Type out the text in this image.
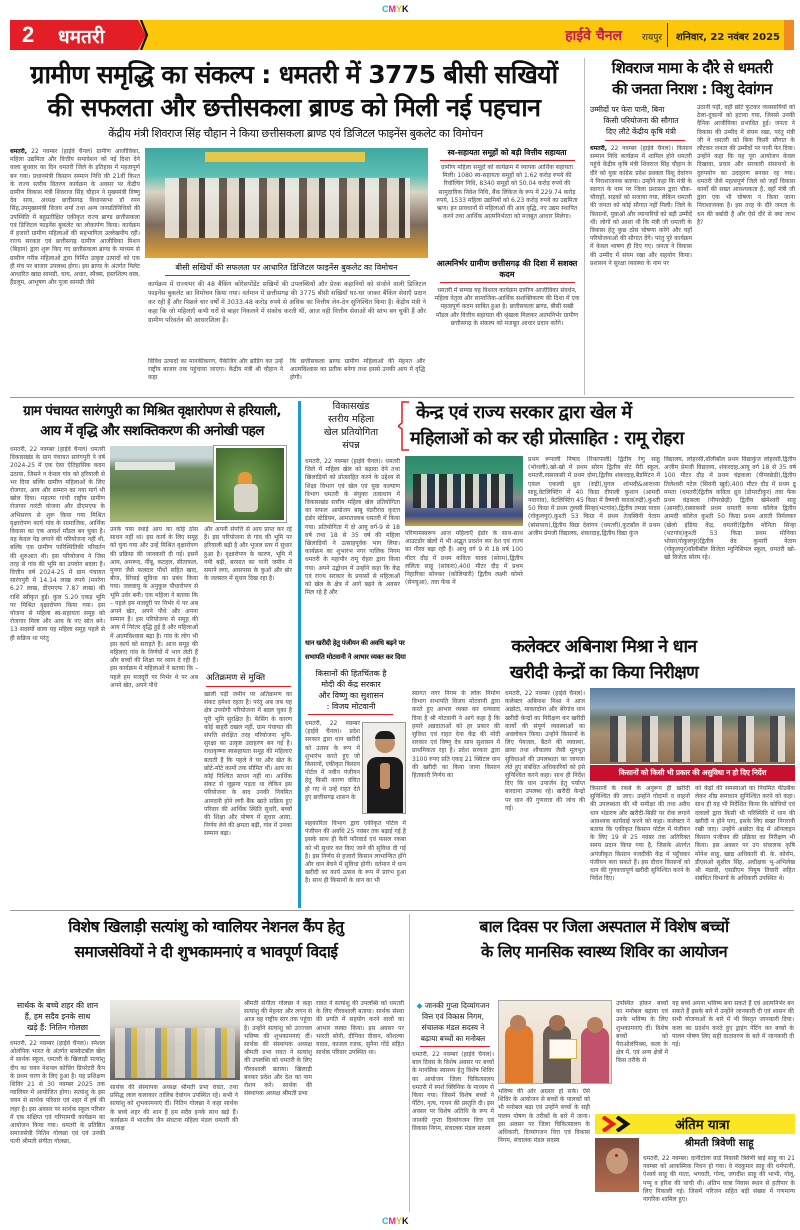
CMYK
2 धमतरी	हाईवे चैनल रायपुर शनिवार, 22 नवंबर 2025
ग्रामीण समृद्धि का संकल्प : धमतरी में 3775 बीसी सखियों
की सफलता और छत्तीसकला ब्राण्ड को मिली नई पहचान
केंद्रीय मंत्री शिवराज सिंह चौहान ने किया छत्तीसकला ब्राण्ड एवं डिजिटल फाइनेंस बुकलेट का विमोचन
धमतरी, 22 नवम्बर (हाईवे चैनल) ग्रामीण आजीविका, महिला उद्यमिता और वित्तीय समावेशन को नई दिशा देने वाला बुधवार का दिन धमतरी जिले के इतिहास में महत्वपूर्ण बन गया। प्रधानमंत्री किसान सम्मान निधि की 21वीं किश्त के राज्य स्तरीय वितरण कार्यक्रम के अवसर पर केंद्रीय ग्रामीण विकास मंत्री शिवराज सिंह चौहान ने मुख्यमंत्री विष्णु देव साय, अध्यक्ष छत्तीसगढ़ विधानसभा डॉ रमन सिंह,उपमुख्यमंत्री विजय शर्मा तथा अन्य जनप्रतिनिधियों की उपस्थिति में बहुप्रतीक्षित एकीकृत राज्य ब्राण्ड छत्तीसकला एवं डिजिटल फाइनेंस बुकलेट का लोकार्पण किया। कार्यक्रम में हजारों ग्रामीण महिलाओं की सहभागिता उल्लेखनीय रही। राज्य सरकार एवं छत्तीसगढ़ ग्रामीण आजीविका मिशन (बिहान) द्वारा शुरू किए गए छत्तीसकला ब्राण्ड के माध्यम से ग्रामीण गरीब महिलाओं द्वारा निर्मित उत्कृष्ट उत्पादों को एक ही मंच पर बाजार उपलब्ध होगा। इस ब्राण्ड के अंतर्गत मिलेट आधारित खाद्य सामग्री, चाय, अचार, स्नैक्स, हस्तशिल्प वस्त्र, हैंडलूम, आभूषण और पूजा सामग्री जैसे
बीसी सखियों की सफलता पर आधारित डिजिटल फाइनेंस बुकलेट का विमोचन
कार्यक्रम में राज्यभर की 48 बैंकिंग कोरेसपोंडेंट सखियों की उपलब्धियों और प्रेरक कहानियों को संजोने वाली डिजिटल फाइनेंस बुकलेट का विमोचन किया गया। वर्तमान में छत्तीसगढ़ की 3775 बीसी सखियाँ घर-घर जाकर बैंकिंग सेवाएँ प्रदान कर रही हैं और पिछले चार वर्षों में 3033.48 करोड़ रुपये से अधिक का वित्तीय लेन-देन सुनिश्चित किया है। केंद्रीय मंत्री ने कहा कि जो महिलाएँ कभी घरों से बाहर निकलने में संकोच करती थीं, आज वही वित्तीय सेवाओं की स्तंभ बन चुकी हैं और ग्रामीण परिवर्तन की आधारशिला हैं।
विविध उत्पादों का मानकीकरण, पैकेजिंग और ब्रांडिंग कर उन्हें राष्ट्रीय बाजार तक पहुंचाया जाएगा। केंद्रीय मंत्री श्री चौहान ने कहा
कि छत्तीसकला ब्राण्ड ग्रामीण महिलाओं की मेहनत और आत्मविश्वास का प्रतीक बनेगा तथा इससे उनकी आय में वृद्धि होगी।
स्व-सहायता समूहों को बड़ी वित्तीय सहायता
ग्रामीण महिला समूहों को कार्यक्रम में व्यापक आर्थिक सहायता मिली। 1080 स्व-सहायता समूहों को 1.62 करोड़ रुपये की रिवॉल्विंग निधि, 8340 समूहों को 50.04 करोड़ रुपये की सामुदायिक निवेश निधि, बैंक लिंकेज के रूप में 229.74 करोड़ रुपये, 1533 महिला उद्यमियों को 6.23 करोड़ रुपये का उद्यमिता ऋण। इन प्रावधानों से महिलाओं की आय वृद्धि, नए उद्यम स्थापित करने तथा आर्थिक आत्मनिर्भरता को मजबूत आधार मिलेगा।
आत्मनिर्भर ग्रामीण छत्तीसगढ़ की दिशा में सशक्त कदम
धमतरी में सम्पन्न यह विशाल कार्यक्रम ग्रामीण आजीविका संवर्धन, महिला नेतृत्व और सामाजिक-आर्थिक सशक्तिकरण की दिशा में एक महत्वपूर्ण कदम साबित हुआ है। छत्तीसकला ब्राण्ड, बीसी सखी मॉडल और वित्तीय सहायता की श्रृंखला मिलकर आत्मनिर्भर ग्रामीण छत्तीसगढ़ के संकल्प को मजबूत आधार प्रदान करेंगे।
शिवराज मामा के दौरे से धमतरी
की जनता निराश : विशु देवांगन
उम्मीदों पर फेरा पानी, बिना
किसी परियोजना की सौगात
दिए लौटे केंद्रीय कृषि मंत्री
धमतरी, 22 नवम्बर (हाईवे चैनल)। किसान सम्मान निधि कार्यक्रम में शामिल होने धमतरी पहुंचे केंद्रीय कृषि मंत्री शिवराज सिंह चौहान के दौरे को युवा कांग्रेस प्रदेश प्रवक्ता विशु देवांगन ने निराशाजनक बताया। उन्होंने कहा कि मंत्री के स्वागत के नाम पर जिला प्रशासन द्वारा चौक-चौराहों, सड़कों को सजाया गया, लेकिन धमतरी की जनता को कोई सौगात नहीं मिली। जिले के किसानों, युवाओं और व्यापारियों को बड़ी उम्मीदें थीं। लोगों को आशा थी कि मंत्री जी धमतरी के विकास हेतु कुछ ठोस घोषणा करेंगे और यहाँ परियोजनाओं की सौगात देंगे। परंतु पूरे कार्यक्रम में केवल भाषण ही दिए गए। जनता ने विकास की उम्मीद में संयम रखा और सहयोग किया। प्रशासन ने सुरक्षा व्यवस्था के नाम पर
उठानी पड़ी, वहीं छोटे फुटकर व्यवसायियों को ठेला-दुकानों को हटाया गया, जिससे उनकी दैनिक आजीविका प्रभावित हुई। जनता ने विकास की उम्मीद में संयम रखा, परंतु मंत्री जी ने धमतरी को बिना किसी सौगात के लौटकर जनता की उम्मीदों पर पानी फेर दिया। उन्होंने कहा कि यह पूरा आयोजन केवल दिखावा, प्रचार और सरकारी संसाधनों के दुरुपयोग का उदाहरण बनकर रह गया। धमतरी जैसे महत्वपूर्ण जिले को जहाँ विकास कार्यों की सख्त आवश्यकता है, वहाँ मंत्री जी द्वारा एक भी घोषणा न किया जाना निराशाजनक है। इस तरह के दौरे जनता के धन की बर्बादी हैं और ऐसे दौरे से क्या लाभ है?
ग्राम पंचायत सारंगपुरी का मिश्रित वृक्षारोपण से हरियाली,
आय में वृद्धि और सशक्तिकरण की अनोखी पहल
धमतरी, 22 नवम्बर (हाईवे चैनल) धमतरी विकासखंड के ग्राम पंचायत सारंगपुरी ने वर्ष 2024-25 में एक ऐसा ऐतिहासिक कदम उठाया, जिसने न केवल गांव को हरियाली से भर दिया बल्कि ग्रामीण महिलाओं के लिए रोजगार, आय और सम्मान का नया मार्ग भी खोल दिया। महात्मा गांधी राष्ट्रीय ग्रामीण रोजगार गारंटी योजना और डीएमएफ के अभिसरण से शुरू किया गया मिश्रित वृक्षारोपण कार्य गांव के सामाजिक, आर्थिक विकास का एक आदर्श मॉडल बन चुका है। यह केवल पेड़ लगाने की परियोजना नहीं थी, बल्कि एक ग्रामीण पारिस्थितिकी परिवर्तन की शुरुआत थी। इस परियोजना ने जिस तरह से गांव की भूमि का उपयोग बदला है। वित्तीय वर्ष 2024-25 में ग्राम पंचायत सारंगपुरी में 14.14 लाख रुपये (मनरेगा 6.27 लाख, डीएमएफ 7.87 लाख) की राशि स्वीकृत हुई। कुल 5.20 एकड़ भूमि पर मिश्रित वृक्षारोपण किया गया। इस योजना से महिला स्व-सहायता समूह को रोजगार मिला और आय के नए स्रोत बने। 13 सदस्यों वाला यह महिला समूह पहले से ही सक्रिय था परंतु
उनके पास स्थाई आय का कोई ठोस साधन नहीं था। इस कार्य के लिए समूह को चुना गया और उन्हें मिश्रित वृक्षारोपण की प्रक्रिया की जानकारी दी गई। इसमें आम, अमरूद, नींबू, कटहल, सीताफल, मुनगा जैसे फलदार पौधों सहित खाद, बीज, सिंचाई सुविधा का प्रबंध किया गया। जलवायु के अनुकूल पौधारोपण से भूमि उर्वर बनी। एक महिला ने बताया कि – पहले हम मजदूरी पर निर्भर थे पर अब अपने खेत, अपने पौधे और अपना सम्मान है। इस परियोजना से समूह की आय में निरंतर वृद्धि हुई है और महिलाओं में आत्मविश्वास बढ़ा है। गांव के लोग भी इस कार्य को सराहते हैं। आज समूह की महिलाएं गांव के निर्णयों में भाग लेती हैं और बच्चों की शिक्षा पर ध्यान दे रही हैं। इस कार्यक्रम में महिलाओं ने बताया कि – पहले हम मजदूरी पर निर्भर थे पर अब अपने खेत, अपने पौधे
और अपनी संपत्ति से आय प्राप्त कर रहे हैं। इस परियोजना से गांव की भूमि पर हरियाली बढ़ी है और भूजल स्तर में सुधार हुआ है। वृक्षारोपण के कारण, भूमि में नमी बढ़ी, बरसात का पानी जमीन में समाने लगा, आसपास के कुओं और बोर के जलस्तर में सुधार दिख रहा है।
अतिक्रमण से मुक्ति
खाली पड़ी जमीन पर अतिक्रमण का संकट हमेशा रहता है। परंतु अब जब यह क्षेत्र उपयोगी परियोजना में बदल चुका है पूरी भूमि सुरक्षित है। फेंसिंग के कारण कोई बाहरी दखल नहीं, ग्राम पंचायत की संपत्ति संरक्षित तरह परियोजना भूमि-सुरक्षा का उत्कृष्ट उदाहरण बन गई है। राधाकृष्णा स्वसहायता समूह की महिलाएं बताती हैं कि पहले वे घर और खेत के छोटे-मोटे कामों तक सीमित थीं। आय का कोई निश्चित साधन नहीं था। आर्थिक संकट से जूझना पड़ता था लेकिन इस परियोजना के बाद उनकी नियमित आमदनी होने लगी बैंक खाते सक्रिय हुए परिवार की आर्थिक स्थिति सुधरी, बच्चों की शिक्षा और पोषण में सुधार आया, निर्णय लेने की क्षमता बढ़ी, गांव में उनका सम्मान बढ़ा।
विकासखंड
स्तरीय महिला
खेल प्रतियोगिता
संपन्न
केन्द्र एवं राज्य सरकार द्वारा खेल में
महिलाओं को कर रही प्रोत्साहित : रामू रोहरा
धमतरी, 22 नवम्बर (हाईवे चैनल)। धमतरी जिले में महिला खेल को बढ़ावा देने तथा खिलाड़ियों को प्रोत्साहित करने के उद्देश्य से शिक्षा विभाग एवं खेल एवं युवा कल्याण विभाग धमतरी के संयुक्त तत्वाधान में विकासखंड स्तरीय महिला खेल प्रतियोगिता का सफल आयोजन बाबू पंडरीराव कृदत्त इंडोर स्टेडियम, आमातालाब धमतरी में किया गया। प्रतियोगिता में दो आयु वर्ग-9 से 18 वर्ष तथा 18 से 35 वर्ष की महिला खिलाड़ियों ने उत्साहपूर्वक भाग लिया। कार्यक्रम का शुभारंभ नगर पालिक निगम धमतरी के महापौर रामू रोहरा द्वारा किया गया। अपने उद्बोधन में उन्होंने कहा कि केंद्र एवं राज्य सरकार के प्रयासों से महिलाओं को खेल के क्षेत्र में आगे बढ़ने के अवसर मिल रहे हैं और
परिणामस्वरूप आज महिलाएँ इंडोर के साथ-साथ आउटडोर खेलों में भी अद्भुत प्रदर्शन कर देश एवं राज्य का गौरव बढ़ा रही हैं। आयु वर्ग 9 से 18 वर्ष 100 मीटर दौड़ में प्रथम कविता यादव (सोरम),द्वितीय ललिता साहू (सांकरा),400 मीटर दौड़ में प्रथम निहारिका सोनकर (कोलियारी) द्वितीय लक्ष्मी कोमरे (सेनचुआ), तवा फेंक में
प्रथम रूपाली निषाद (रिकापाली) द्वितीय रेणु साहू (भोथली),खो-खो में प्रथम सोरम द्वितीय सेंट मैरी स्कूल, धमतरी,रस्साकसी में प्रथम दोमा,द्वितीय शंकरदाह,बैडमिंटन में एकल एकल्वी ध्रुव (रुद्री),युगल शांभवी&आराध्या साहू,वेटलिफ्टिंग में 40 किग्रा दीपाली कुशान (आमदी नवागांव), वेटलिफ्टिंग 45 किग्रा में वैष्णवी यादव(रुद्री),कुश्ती 50 किग्रा में प्रथम तुलसी सिन्हा(भटगांव),द्वितीय तमन्ना यादव (गोकुलपुर),कुश्ती 53 किग्रा में प्रथम तेजस्विनी नेताम (बांसपारा),द्वितीय विद्या देवांगन (धमतरी),फुटबॉल में प्रथम अजीम प्रेमजी विद्यालय, शंकरदाह,द्वितीय विद्या कुंज
विद्यालय, लोहरसी,वॉलीबॉल प्रथम विद्याकुंज लोहरसी,द्वितीय अजीम प्रेमजी विद्यालय, शंकरदाह,आयु वर्ग 18 से 35 वर्ष 100 मीटर दौड़ में प्रथम चंद्रकला (पीपरछेड़ी),द्वितीय तिलेश्वरी पटेल (सिवनी खुर्द),400 मीटर दौड़ में प्रथम द्रू ममता (धमतरी)द्वितीय कविता ध्रुव (डोमरटीकुर) तवा फेंक प्रथम चंद्रकला (पीपरछेड़ी) द्वितीय खेमेश्वरी साहू (आमदी),रस्साकसी प्रथम धमतरी कन्या कॉलेज द्वितीय आमदी कॉलेज कुश्ती 50 किग्रा प्रथम आरती निर्मलकर (खेलो इंडिया केंद्र, धमतरी)द्वितीय मोनिता सिन्हा (भटगांव)कुश्ती 53 किग्रा प्रथम मोनिका भोयर(गोकुलपुर)द्वितीय वेद कुमारी नेताम (गोकुलपुर)वॉलीबॉल विजेता म्युनिसिपल स्कूल, धमतरी खो-खो विजेता सोरम रहे।
धान खरीदी हेतु पंजीयन की अवधि बढ़ने पर
सभापति मोटवानी ने आभार व्यक्त कर दिया
किसानों की हितचिंतक है
मोदी की केंद्र सरकार
और विष्णु का सुशासन
: विजय मोटवानी
धमतरी, 22 नवम्बर (हाईवे चैनल)। प्रदेश सरकार द्वारा धान खरीदी को उत्सव के रूप में शुभारंभ करते हुए जो किसानों, एकीकृत किसान पोर्टल में नवीन पंजीयन हेतु किसी कारण वंचित हो गए थे उन्हें राहत देते हुए छत्तीसगढ़ शासन के
सहकारिता विभाग द्वारा एकीकृत पोर्टल में पंजीयन की अवधि 25 नवंबर तक बढ़ाई गई है इसके साथ ही कैरी फॉरवार्ड एवं फसल रकबा को भी सुधार कर किए जाने की सुविधा दी गई है। इस निर्णय से हजारों किसान लाभान्वित होंगे और धान बेचने में सुविधा होगी। वर्तमान में धान खरीदी का कार्य उत्सव के रूप में प्रारंभ हुआ है। साथ ही किसानों के धान का भी
कलेक्टर अबिनाश मिश्रा ने धान
खरीदी केन्द्रों का किया निरीक्षण
स्वागत नगर निगम के लोक निर्माण विभाग सभापति विजय मोटवानी द्वारा करते हुए आभार व्यक्त कर धन्यवाद दिया है श्री मोटवानी ने आगे कहा है कि हमारे अन्नदाताओं को हर प्रकार की सुविधा एवं राहत देना केंद्र की मोदी सरकार एवं विष्णु देव साय सुशासन में प्राथमिकता रहा है। प्रदेश सरकार द्वारा 3100 रुपए प्रति एकड़ 21 क्विंटल धान की खरीदी का किया जाना किसान हितकारी निर्णय का
धमतरी, 22 नवम्बर (हाईवे चैनल)। कलेक्टर अबिनाश मिश्रा ने आज अछोटा, माकरदोना और बेरेगांव धान खरीदी केन्द्रों का निरीक्षण कर खरीदी कार्यों की संपूर्ण व्यवस्थाओं का अवलोकन किया। उन्होंने किसानों के लिए पेयजल, बैठने की व्यवस्था, छाया तथा शौचालय जैसी मूलभूत सुविधाओं की उपलब्धता का जायजा लेते हुए संबंधित अधिकारियों को इसे सुनिश्चित करने कहा। साथ ही निर्देश दिए कि धान उपार्जन हेतु पर्याप्त बारदाना उपलब्ध रहे। खरीदी केन्द्रों पर धान की गुणवत्ता की जांच की गई।
किसानों को किसी भी प्रकार की असुविधा न हो दिए निर्देश
किसानों के रकबे के अनुरूप ही खरीदी सुनिश्चित की जाए। उन्होंने गोदामों व वाहनों की उपलब्धता की भी समीक्षा की तथा अवैध धान भंडारण और खरीदी-बिक्री पर रोक लगाने आवश्यक कार्यवाई करने को कहा। कलेक्टर ने बताया कि एकीकृत किसान पोर्टल में पंजीयन के लिए 19 से 25 नवंबर तक अतिरिक्त समय प्रदान किया गया है, जिसके अंतर्गत अपंजीकृत किसान नजदीकी केंद्र में पहुँचकर पंजीयन करा सकते हैं। इस दौरान किसानों को धान की गुणवत्तापूर्ण खरीदी सुनिश्चित करने के निर्देश दिए।
को केंद्रों की समस्याओं का नियमित फीडबैक लेकर शीघ्र समाधान सुनिश्चित करने को कहा। साथ ही यह भी निर्देशित किया कि कोचियों एवं दलालों द्वारा किसी भी परिस्थिति में धान की खरीदी न होने पाए, इसके लिए सख्त निगरानी रखी जाए। उन्होंने अछोटा केंद्र में ऑनलाइन किसान पंजीयन की प्रक्रिया का निरीक्षण भी किया। इस अवसर पर उप संचालक कृषि मोनेश साहू, खाद्य अधिकारी बी. के. कोर्राम, डीएसओ सुशील सिंह, अधीक्षक भू-अभिलेख श्री मंडावी, एसडीएम पियूष तिवारी सहित संबंधित विभागों के अधिकारी उपस्थित थे।
विशेष खिलाड़ी सत्यांशु को ग्वालियर नेशनल कैंप हेतु
समाजसेवियों ने दी शुभकामनाएं व भावपूर्ण विदाई
सार्थक के बच्चे शहर की शान
हैं, हम सदैव इनके साथ
खड़े हैं: नितिन गोलछा
धमतरी, 22 नवम्बर (हाईवे चैनल)। स्पेशल ओलंपिक भारत के अंतर्गत बास्केटबॉल खेल में सार्थक स्कूल, धमतरी के खिलाड़ी सत्यांशु दीप का चयन नेशनल कोचिंग प्रिपरेटरी कैंप के प्रथम चरण के लिए हुआ है। यह प्रशिक्षण शिविर 21 से 30 नवम्बर 2025 तक ग्वालियर में आयोजित होगा। सत्यांशु के इस चयन से सार्थक परिवार एवं शहर में हर्ष की लहर है। इस अवसर पर सार्थक स्कूल परिसर में एक संक्षिप्त एवं गरिमामयी कार्यक्रम का आयोजन किया गया। धमतरी के प्रतिष्ठित समाजसेवी नितिन गोलछा एवं एवं उनकी पत्नी श्रीमती संगीता गोलछा,
सार्थक की संस्थापक अध्यक्ष श्रीमती प्रभा रावत, तथा प्रसिद्ध लाल कलाकार तालिब देवांगन उपस्थित रहे। सभी ने सत्यांशु को शुभकामनाएं दीं। नितिन गोलछा ने कहा सार्थक के बच्चे शहर की शान हैं हम सदैव इनके साथ खड़े हैं। कार्यक्रम में भारतीय जैन संघटना महिला मंडल धमतरी की अध्यक्ष
श्रीमती संगीता गोलछा ने कहा सत्यांशु की मेहनत और लगन से आज वह राष्ट्रीय स्तर तक पहुंचा है। उन्होंने सत्यांशु को उज्ज्वल भविष्य की शुभकामनाएं दीं। सार्थक की संस्थापक अध्यक्ष श्रीमती प्रभा रावत ने सत्यांशु की उपलब्धि को धमतरी के लिए गौरवशाली बताया। खिलाड़ी बनकर प्रदेश और देश का नाम रोशन करें। सार्थक की संस्थापक अध्यक्ष श्रीमती प्रभा
रावत ने सत्यांशु की उपलब्धि को धमतरी के लिए गौरवशाली बताया। सार्थक संस्था की प्रगति में सहयोग करने वालों का आभार व्यक्त किया। इस अवसर पर भारती सोनी, दीपिका दीवान, कौशल्या यादव, काजल रजक, सुनैना गोंडे सहित सार्थक परिवार उपस्थित था।
बाल दिवस पर जिला अस्पताल में विशेष बच्चों
के लिए मानसिक स्वास्थ्य शिविर का आयोजन
◆ जानकी गुप्ता दिव्यांगजन
वित्त एवं विकास निगम,
संचालक मंडल सदस्य ने
बढ़ाया बच्चों का मनोबल
धमतरी, 22 नवम्बर (हाईवे चैनल)। बाल दिवस के विशेष अवसर पर बच्चों के मानसिक स्वास्थ्य हेतु विशेष शिविर का आयोजन जिला चिकित्सालय धमतरी में स्पर्श क्लिनिक के माध्यम से किया गया। जिसमें विशेष बच्चों ने पेंटिंग, नृत्य, गायन की प्रस्तुति दी। इस अवसर पर विशेष अतिथि के रूप में जानकी गुप्ता दिव्यांगजन वित्त एवं विकास निगम, संचालक मंडल सदस्य
उपस्थित होकर बच्चों का मनोबल बढ़ाया एवं उनके भविष्य के लिए शुभकामनाएं दीं। विशेष बच्चों को पैराओलंपिक्स, कला के क्षेत्र में, एवं अन्य क्षेत्रों में किस तरीके से
यह बच्चे अपना भविष्य बना सकते हैं एवं आत्मनिर्भर बन सकते हैं इसके बारे में उन्होंने जानकारी दी एवं शासन की सभी योजनाओं के बारे में भी विस्तृत जानकारी दिया। कला का प्रदर्शन करते हुए ड्राइंग पेंटिंग कर बच्चों के पालन पोषण लिए सही वातावरण के बारे में जानकारी दी गई।
भविष्य की ओर अग्रसर हो सके। ऐसे शिविर के आयोजन से बच्चों के पालकों को भी मनोबल बढ़ा एवं उन्होंने बच्चों के सही पालन पोषण के तरीकों के बारे में जाना। इस अवसर पर जिला चिकित्सालय के अधिकारी, दिव्यांगजन वित्त एवं विकास निगम, संचालक मंडल सदस्य
अंतिम यात्रा
श्रीमती त्रिवेणी साहू
धमतरी, 22 नवम्बर। दानीटोला वार्ड निवासी त्रिवेणी बाई साहू का 21 नवम्बर को आकस्मिक निधन हो गया। वे नंदकुमार साहू की धर्मपत्नी, ऐश्वर्य साहू की माता, भगवती, गोन्द, जगदीश साहू की भाभी, गोलू, पप्पू व हरिश की चाची थी। अंतिम यात्रा निवास स्थान से हतीपार के लिए निकाली गई। जिसमें परिजन सहित बड़ी संख्या में गणमान्य नागरिक शामिल हुए।
CMYK
